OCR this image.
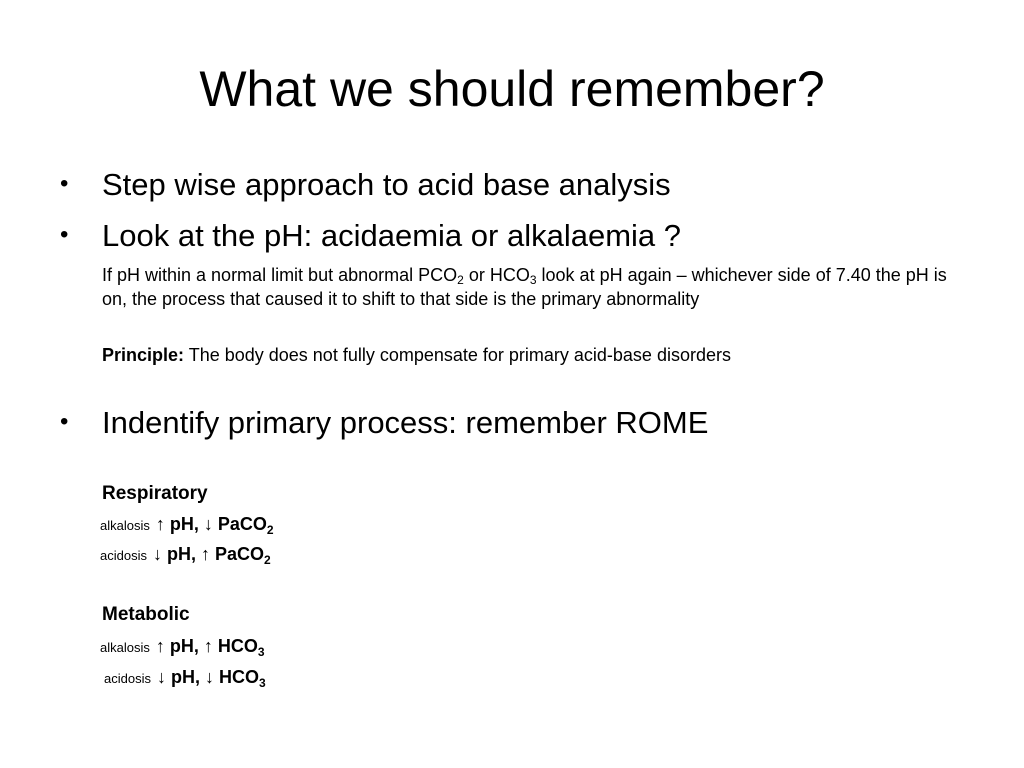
What we should remember?
• Step wise approach to acid base analysis
• Look at the pH: acidaemia or alkalaemia ?
If pH within a normal limit but abnormal $PCO_2$ or $HCO_3$ look at pH again – whichever side of 7.40 the pH is on, the process that caused it to shift to that side is the primary abnormality
Principle: The body does not fully compensate for primary acid-base disorders
• Indentify primary process: remember ROME
Respiratory
alkalosis ↑ pH, ↓ PaCO$_2$
acidosis ↓ pH, ↑ PaCO$_2$
Metabolic
alkalosis ↑ pH, ↑ $HCO_3$
acidosis ↓ pH, ↓ $HCO_3$
